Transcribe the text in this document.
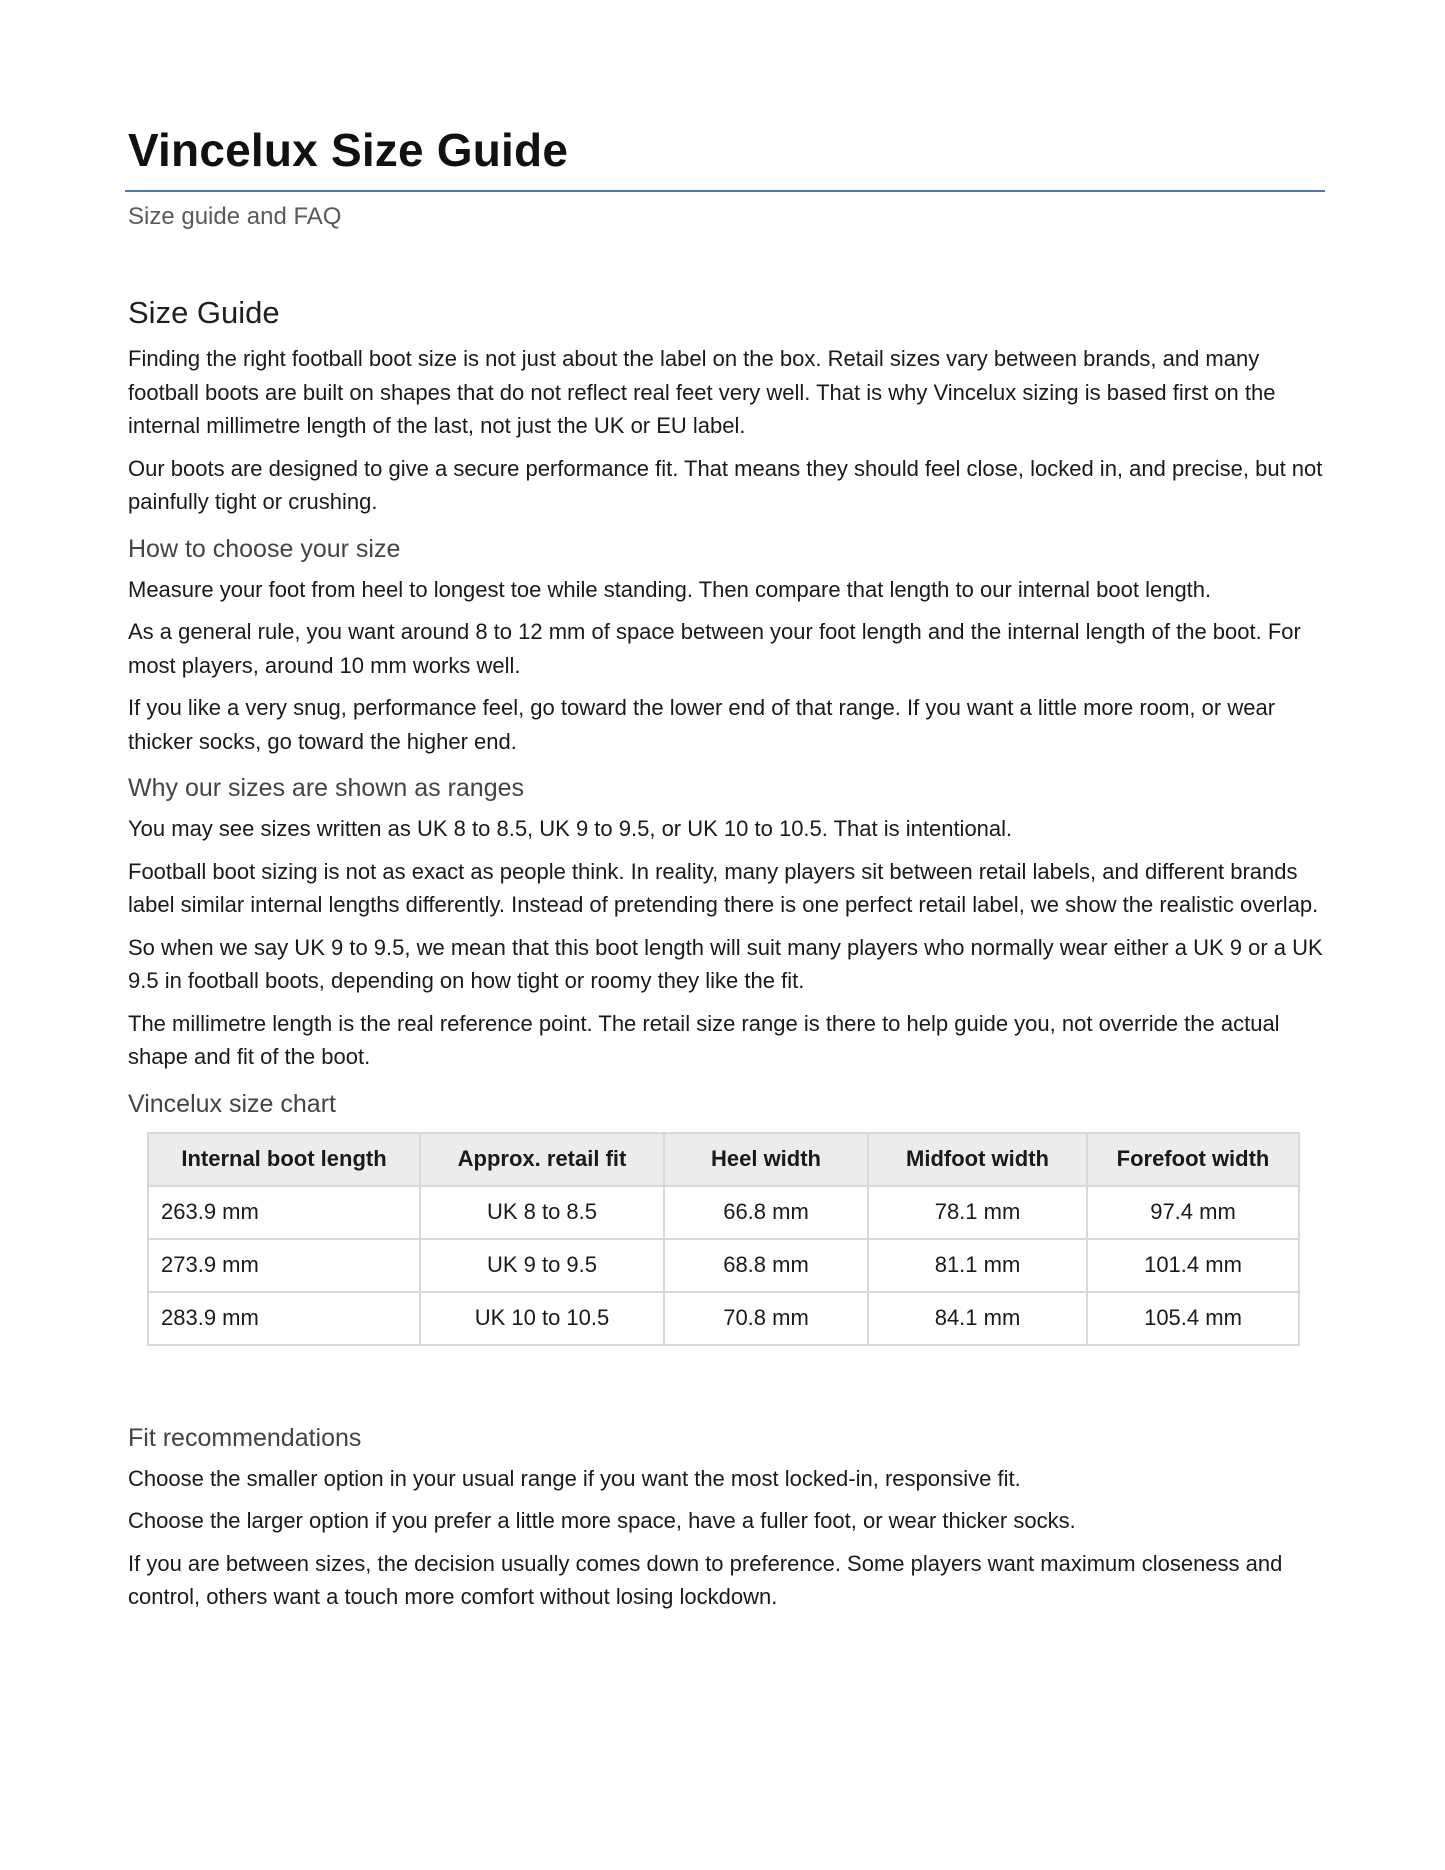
Vincelux Size Guide
Size guide and FAQ
Size Guide

Finding the right football boot size is not just about the label on the box. Retail sizes vary between brands, and many football boots are built on shapes that do not reflect real feet very well. That is why Vincelux sizing is based first on the internal millimetre length of the last, not just the UK or EU label.

Our boots are designed to give a secure performance fit. That means they should feel close, locked in, and precise, but not painfully tight or crushing.

How to choose your size

Measure your foot from heel to longest toe while standing. Then compare that length to our internal boot length.

As a general rule, you want around 8 to 12 mm of space between your foot length and the internal length of the boot. For most players, around 10 mm works well.

If you like a very snug, performance feel, go toward the lower end of that range. If you want a little more room, or wear thicker socks, go toward the higher end.

Why our sizes are shown as ranges

You may see sizes written as UK 8 to 8.5, UK 9 to 9.5, or UK 10 to 10.5. That is intentional.

Football boot sizing is not as exact as people think. In reality, many players sit between retail labels, and different brands label similar internal lengths differently. Instead of pretending there is one perfect retail label, we show the realistic overlap.

So when we say UK 9 to 9.5, we mean that this boot length will suit many players who normally wear either a UK 9 or a UK 9.5 in football boots, depending on how tight or roomy they like the fit.

The millimetre length is the real reference point. The retail size range is there to help guide you, not override the actual shape and fit of the boot.

Vincelux size chart
Internal boot length	Approx. retail fit	Heel width	Midfoot width	Forefoot width
263.9 mm	UK 8 to 8.5	66.8 mm	78.1 mm	97.4 mm
273.9 mm	UK 9 to 9.5	68.8 mm	81.1 mm	101.4 mm
283.9 mm	UK 10 to 10.5	70.8 mm	84.1 mm	105.4 mm
Fit recommendations

Choose the smaller option in your usual range if you want the most locked-in, responsive fit.

Choose the larger option if you prefer a little more space, have a fuller foot, or wear thicker socks.

If you are between sizes, the decision usually comes down to preference. Some players want maximum closeness and control, others want a touch more comfort without losing lockdown.
